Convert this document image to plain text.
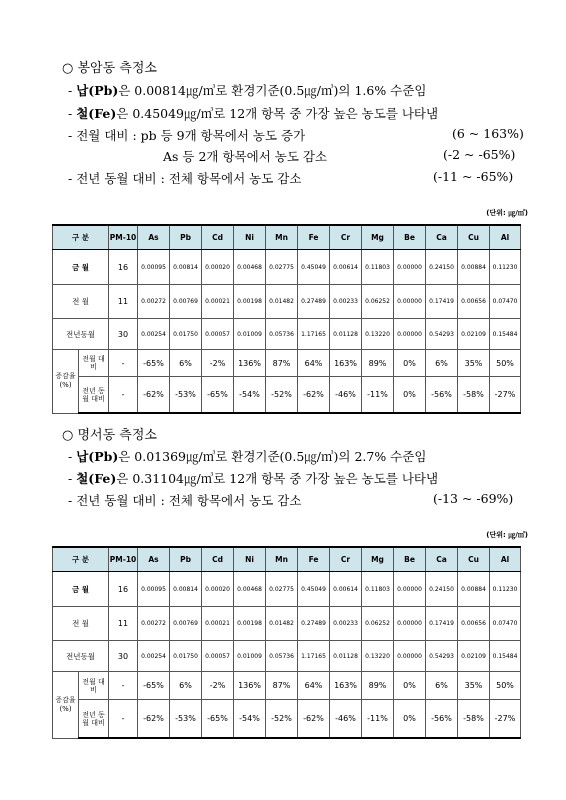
○ 봉암동 측정소
- 납(Pb)은 0.00814㎍/㎥로 환경기준(0.5㎍/㎥)의 1.6% 수준임
- 철(Fe)은 0.45049㎍/㎥로 12개 항목 중 가장 높은 농도를 나타냄
- 전월 대비 : pb 등 9개 항목에서 농도 증가	(6 ~ 163%)
As 등 2개 항목에서 농도 감소	(-2 ~ -65%)
- 전년 동월 대비 : 전체 항목에서 농도 감소	(-11 ~ -65%)
(단위: ㎍/㎥)
구 분		PM-10	As	Pb	Cd	Ni	Mn	Fe	Cr	Mg	Be	Ca	Cu	Al
금 월		16	0.00095	0.00814	0.00020	0.00468	0.02775	0.45049	0.00614	0.11803	0.00000	0.24150	0.00884	0.11230
전 월		11	0.00272	0.00769	0.00021	0.00198	0.01482	0.27489	0.00233	0.06252	0.00000	0.17419	0.00656	0.07470
전년동월		30	0.00254	0.01750	0.00057	0.01009	0.05736	1.17165	0.01128	0.13220	0.00000	0.54293	0.02109	0.15484
증감율 (%)	전월 대비	-	-65%	6%	-2%	136%	87%	64%	163%	89%	0%	6%	35%	50%
	전년 동월 대비	-	-62%	-53%	-65%	-54%	-52%	-62%	-46%	-11%	0%	-56%	-58%	-27%
○ 명서동 측정소
- 납(Pb)은 0.01369㎍/㎥로 환경기준(0.5㎍/㎥)의 2.7% 수준임
- 철(Fe)은 0.31104㎍/㎥로 12개 항목 중 가장 높은 농도를 나타냄
- 전년 동월 대비 : 전체 항목에서 농도 감소	(-13 ~ -69%)
(단위: ㎍/㎥)
구 분		PM-10	As	Pb	Cd	Ni	Mn	Fe	Cr	Mg	Be	Ca	Cu	Al
금 월		16	0.00095	0.00814	0.00020	0.00468	0.02775	0.45049	0.00614	0.11803	0.00000	0.24150	0.00884	0.11230
전 월		11	0.00272	0.00769	0.00021	0.00198	0.01482	0.27489	0.00233	0.06252	0.00000	0.17419	0.00656	0.07470
전년동월		30	0.00254	0.01750	0.00057	0.01009	0.05736	1.17165	0.01128	0.13220	0.00000	0.54293	0.02109	0.15484
증감율 (%)	전월 대비	-	-65%	6%	-2%	136%	87%	64%	163%	89%	0%	6%	35%	50%
	전년 동월 대비	-	-62%	-53%	-65%	-54%	-52%	-62%	-46%	-11%	0%	-56%	-58%	-27%
